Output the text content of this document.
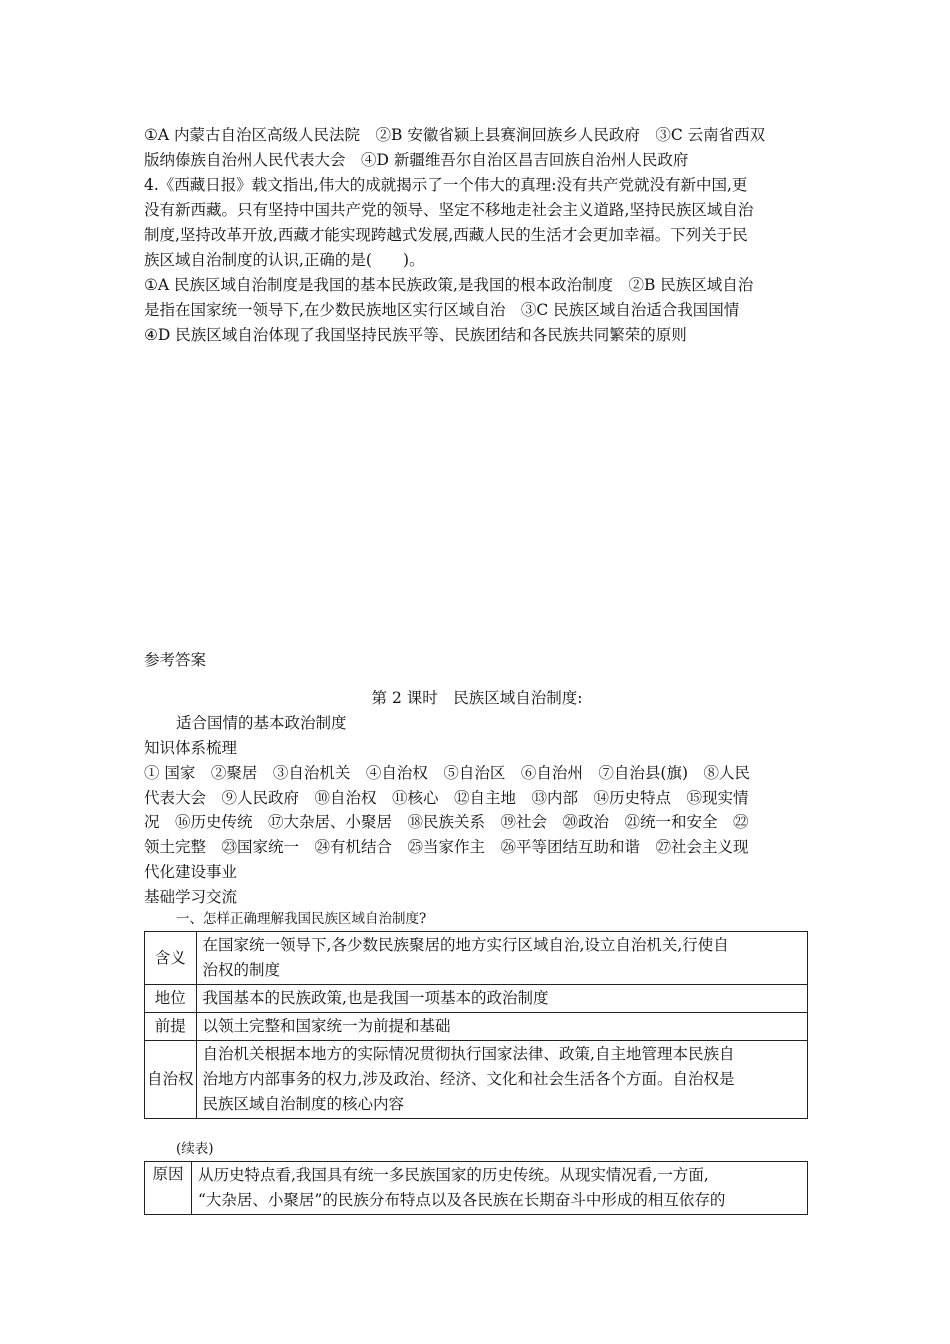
①A 内蒙古自治区高级人民法院　②B 安徽省颍上县赛涧回族乡人民政府　③C 云南省西双
版纳傣族自治州人民代表大会　④D 新疆维吾尔自治区昌吉回族自治州人民政府
4.《西藏日报》载文指出,伟大的成就揭示了一个伟大的真理:没有共产党就没有新中国,更
没有新西藏。只有坚持中国共产党的领导、坚定不移地走社会主义道路,坚持民族区域自治
制度,坚持改革开放,西藏才能实现跨越式发展,西藏人民的生活才会更加幸福。下列关于民
族区域自治制度的认识,正确的是(　　)。
①A 民族区域自治制度是我国的基本民族政策,是我国的根本政治制度　②B 民族区域自治
是指在国家统一领导下,在少数民族地区实行区域自治　③C 民族区域自治适合我国国情
④D 民族区域自治体现了我国坚持民族平等、民族团结和各民族共同繁荣的原则
参考答案
第 2 课时　民族区域自治制度:
适合国情的基本政治制度
知识体系梳理
① 国家　②聚居　③自治机关　④自治权　⑤自治区　⑥自治州　⑦自治县(旗)　⑧人民
代表大会　⑨人民政府　⑩自治权　⑪核心　⑫自主地　⑬内部　⑭历史特点　⑮现实情
况　⑯历史传统　⑰大杂居、小聚居　⑱民族关系　⑲社会　⑳政治　㉑统一和安全　㉒
领土完整　㉓国家统一　㉔有机结合　㉕当家作主　㉖平等团结互助和谐　㉗社会主义现
代化建设事业
基础学习交流
一、怎样正确理解我国民族区域自治制度?
含义	在国家统一领导下,各少数民族聚居的地方实行区域自治,设立自治机关,行使自
治权的制度

地位	我国基本的民族政策,也是我国一项基本的政治制度

前提	以领土完整和国家统一为前提和基础

自治权	自治机关根据本地方的实际情况贯彻执行国家法律、政策,自主地管理本民族自
治地方内部事务的权力,涉及政治、经济、文化和社会生活各个方面。自治权是
民族区域自治制度的核心内容
(续表)
原因	从历史特点看,我国具有统一多民族国家的历史传统。从现实情况看,一方面,
“大杂居、小聚居”的民族分布特点以及各民族在长期奋斗中形成的相互依存的
